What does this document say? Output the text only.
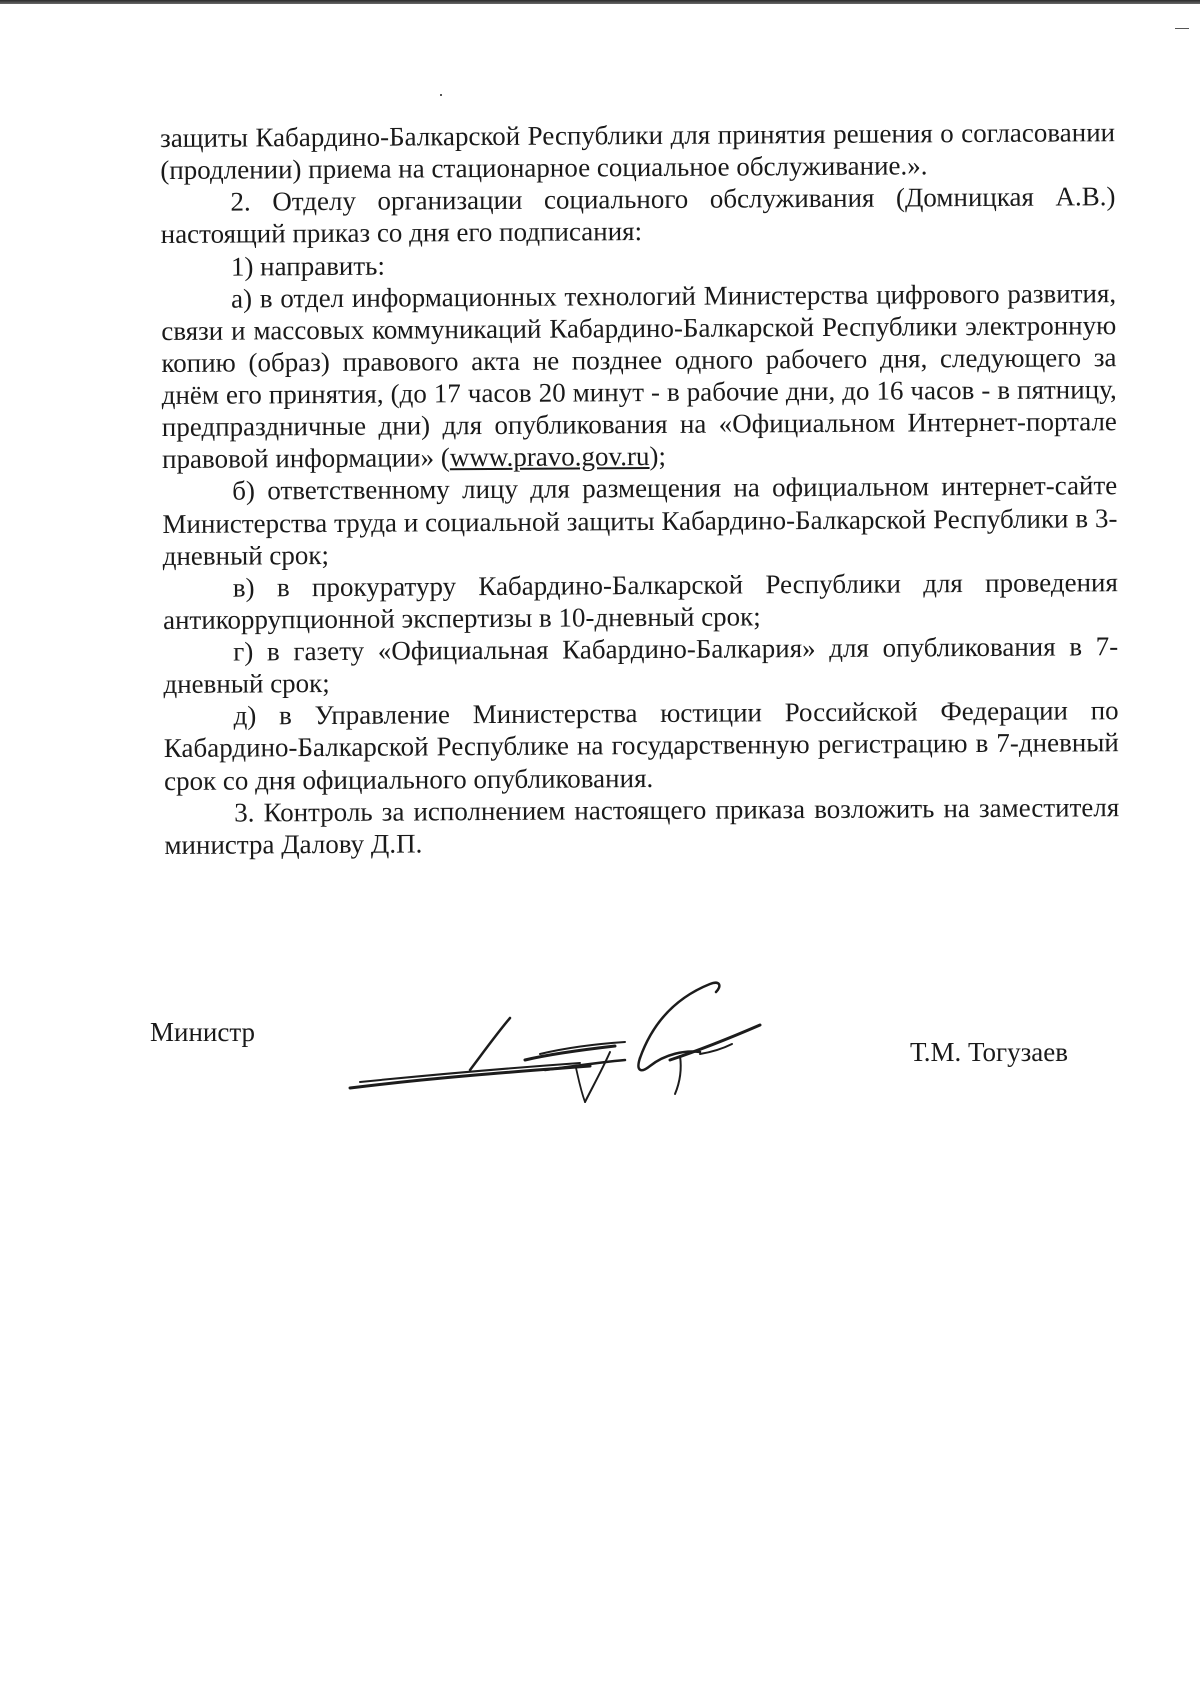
защиты Кабардино-Балкарской Республики для принятия решения о согласовании (продлении) приема на стационарное социальное обслуживание.».

2. Отделу организации социального обслуживания (Домницкая А.В.) настоящий приказ со дня его подписания:

1) направить:

а) в отдел информационных технологий Министерства цифрового развития, связи и массовых коммуникаций Кабардино-Балкарской Республики электронную копию (образ) правового акта не позднее одного рабочего дня, следующего за днём его принятия, (до 17 часов 20 минут - в рабочие дни, до 16 часов - в пятницу, предпраздничные дни) для опубликования на «Официальном Интернет-портале правовой информации» (www.pravo.gov.ru);

б) ответственному лицу для размещения на официальном интернет-сайте Министерства труда и социальной защиты Кабардино-Балкарской Республики в 3-дневный срок;

в) в прокуратуру Кабардино-Балкарской Республики для проведения антикоррупционной экспертизы в 10-дневный срок;

г) в газету «Официальная Кабардино-Балкария» для опубликования в 7-дневный срок;

д) в Управление Министерства юстиции Российской Федерации по Кабардино-Балкарской Республике на государственную регистрацию в 7-дневный срок со дня официального опубликования.

3. Контроль за исполнением настоящего приказа возложить на заместителя министра Далову Д.П.

Министр
Т.М. Тогузаев
